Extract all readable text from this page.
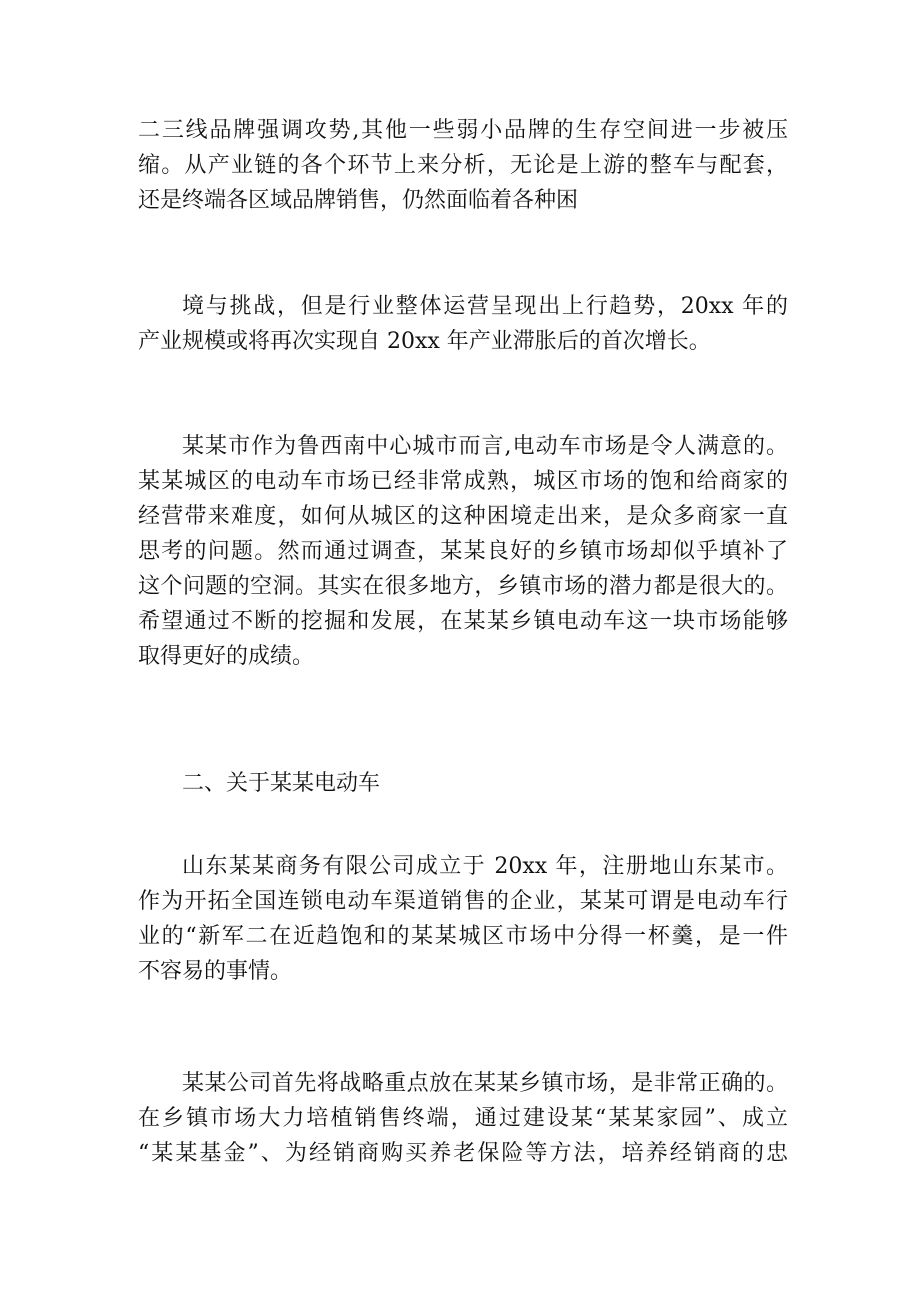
二三线品牌强调攻势,其他一些弱小品牌的生存空间进一步被压
缩。从产业链的各个环节上来分析，无论是上游的整车与配套，
还是终端各区域品牌销售，仍然面临着各种困
境与挑战，但是行业整体运营呈现出上行趋势，20xx 年的
产业规模或将再次实现自 20xx 年产业滞胀后的首次增长。
某某市作为鲁西南中心城市而言,电动车市场是令人满意的。
某某城区的电动车市场已经非常成熟，城区市场的饱和给商家的
经营带来难度，如何从城区的这种困境走出来，是众多商家一直
思考的问题。然而通过调查，某某良好的乡镇市场却似乎填补了
这个问题的空洞。其实在很多地方，乡镇市场的潜力都是很大的。
希望通过不断的挖掘和发展，在某某乡镇电动车这一块市场能够
取得更好的成绩。
二、关于某某电动车
山东某某商务有限公司成立于 20xx 年，注册地山东某市。
作为开拓全国连锁电动车渠道销售的企业，某某可谓是电动车行
业的“新军二在近趋饱和的某某城区市场中分得一杯羹，是一件
不容易的事情。
某某公司首先将战略重点放在某某乡镇市场，是非常正确的。
在乡镇市场大力培植销售终端，通过建设某“某某家园”、成立
“某某基金”、为经销商购买养老保险等方法，培养经销商的忠
